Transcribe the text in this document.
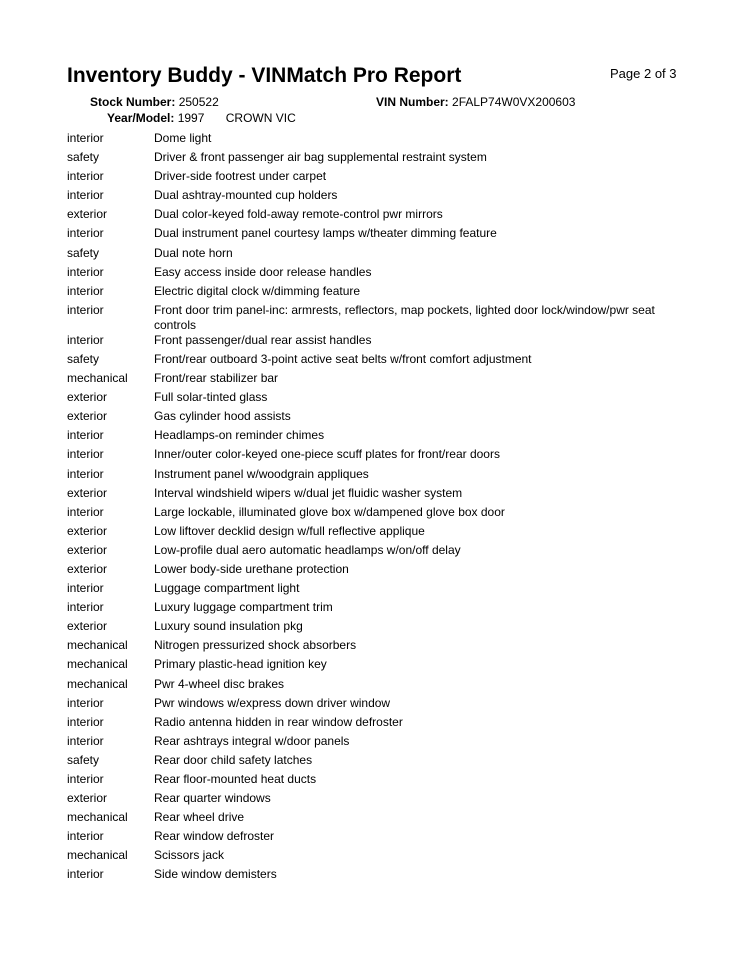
Inventory Buddy - VINMatch Pro Report	Page 2 of 3
Stock Number: 250522	VIN Number: 2FALP74W0VX200603
Year/Model: 1997 CROWN VIC
interior	Dome light
safety	Driver & front passenger air bag supplemental restraint system
interior	Driver-side footrest under carpet
interior	Dual ashtray-mounted cup holders
exterior	Dual color-keyed fold-away remote-control pwr mirrors
interior	Dual instrument panel courtesy lamps w/theater dimming feature
safety	Dual note horn
interior	Easy access inside door release handles
interior	Electric digital clock w/dimming feature
interior	Front door trim panel-inc: armrests, reflectors, map pockets, lighted door lock/window/pwr seat controls
interior	Front passenger/dual rear assist handles
safety	Front/rear outboard 3-point active seat belts w/front comfort adjustment
mechanical	Front/rear stabilizer bar
exterior	Full solar-tinted glass
exterior	Gas cylinder hood assists
interior	Headlamps-on reminder chimes
interior	Inner/outer color-keyed one-piece scuff plates for front/rear doors
interior	Instrument panel w/woodgrain appliques
exterior	Interval windshield wipers w/dual jet fluidic washer system
interior	Large lockable, illuminated glove box w/dampened glove box door
exterior	Low liftover decklid design w/full reflective applique
exterior	Low-profile dual aero automatic headlamps w/on/off delay
exterior	Lower body-side urethane protection
interior	Luggage compartment light
interior	Luxury luggage compartment trim
exterior	Luxury sound insulation pkg
mechanical	Nitrogen pressurized shock absorbers
mechanical	Primary plastic-head ignition key
mechanical	Pwr 4-wheel disc brakes
interior	Pwr windows w/express down driver window
interior	Radio antenna hidden in rear window defroster
interior	Rear ashtrays integral w/door panels
safety	Rear door child safety latches
interior	Rear floor-mounted heat ducts
exterior	Rear quarter windows
mechanical	Rear wheel drive
interior	Rear window defroster
mechanical	Scissors jack
interior	Side window demisters
